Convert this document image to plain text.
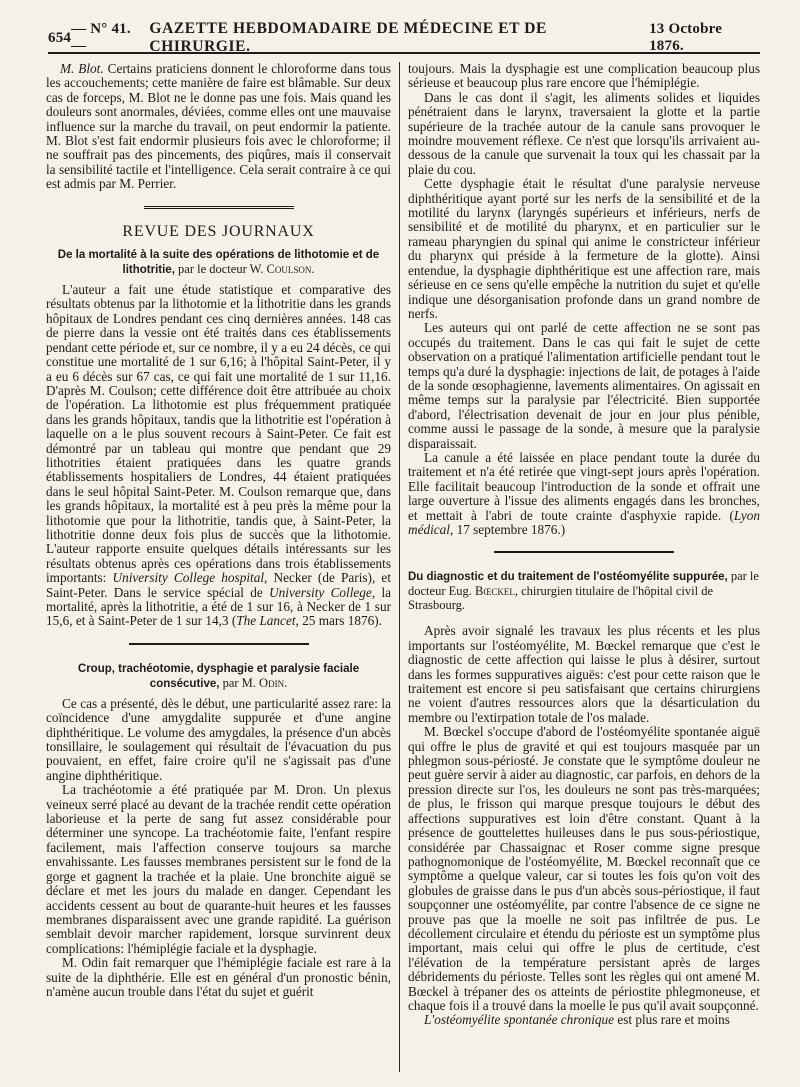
654
— N° 41. —
GAZETTE HEBDOMADAIRE DE MÉDECINE ET DE CHIRURGIE.
13 Octobre 1876.

M. Blot. Certains praticiens donnent le chloroforme dans tous les accouchements; cette manière de faire est blâmable. Sur deux cas de forceps, M. Blot ne le donne pas une fois. Mais quand les douleurs sont anormales, déviées, comme elles ont une mauvaise influence sur la marche du travail, on peut endormir la patiente. M. Blot s'est fait endormir plusieurs fois avec le chloroforme; il ne souffrait pas des pincements, des piqûres, mais il conservait la sensibilité tactile et l'intelligence. Cela serait contraire à ce qui est admis par M. Perrier.

REVUE DES JOURNAUX
De la mortalité à la suite des opérations de lithotomie et de lithotritie, par le docteur W. Coulson.

L'auteur a fait une étude statistique et comparative des résultats obtenus par la lithotomie et la lithotritie dans les grands hôpitaux de Londres pendant ces cinq dernières années. 148 cas de pierre dans la vessie ont été traités dans ces établissements pendant cette période et, sur ce nombre, il y a eu 24 décès, ce qui constitue une mortalité de 1 sur 6,16; à l'hôpital Saint-Peter, il y a eu 6 décès sur 67 cas, ce qui fait une mortalité de 1 sur 11,16. D'après M. Coulson; cette différence doit être attribuée au choix de l'opération. La lithotomie est plus fréquemment pratiquée dans les grands hôpitaux, tandis que la lithotritie est l'opération à laquelle on a le plus souvent recours à Saint-Peter. Ce fait est démontré par un tableau qui montre que pendant que 29 lithotrities étaient pratiquées dans les quatre grands établissements hospitaliers de Londres, 44 étaient pratiquées dans le seul hôpital Saint-Peter. M. Coulson remarque que, dans les grands hôpitaux, la mortalité est à peu près la même pour la lithotomie que pour la lithotritie, tandis que, à Saint-Peter, la lithotritie donne deux fois plus de succès que la lithotomie. L'auteur rapporte ensuite quelques détails intéressants sur les résultats obtenus après ces opérations dans trois établissements importants: University College hospital, Necker (de Paris), et Saint-Peter. Dans le service spécial de University College, la mortalité, après la lithotritie, a été de 1 sur 16, à Necker de 1 sur 15,6, et à Saint-Peter de 1 sur 14,3 (The Lancet, 25 mars 1876).

Croup, trachéotomie, dysphagie et paralysie faciale consécutive, par M. Odin.

Ce cas a présenté, dès le début, une particularité assez rare: la coïncidence d'une amygdalite suppurée et d'une angine diphthéritique. Le volume des amygdales, la présence d'un abcès tonsillaire, le soulagement qui résultait de l'évacuation du pus pouvaient, en effet, faire croire qu'il ne s'agissait pas d'une angine diphthéritique.

La trachéotomie a été pratiquée par M. Dron. Un plexus veineux serré placé au devant de la trachée rendit cette opération laborieuse et la perte de sang fut assez considérable pour déterminer une syncope. La trachéotomie faite, l'enfant respire facilement, mais l'affection conserve toujours sa marche envahissante. Les fausses membranes persistent sur le fond de la gorge et gagnent la trachée et la plaie. Une bronchite aiguë se déclare et met les jours du malade en danger. Cependant les accidents cessent au bout de quarante-huit heures et les fausses membranes disparaissent avec une grande rapidité. La guérison semblait devoir marcher rapidement, lorsque survinrent deux complications: l'hémiplégie faciale et la dysphagie.

M. Odin fait remarquer que l'hémiplégie faciale est rare à la suite de la diphthérie. Elle est en général d'un pronostic bénin, n'amène aucun trouble dans l'état du sujet et guérit

toujours. Mais la dysphagie est une complication beaucoup plus sérieuse et beaucoup plus rare encore que l'hémiplégie.

Dans le cas dont il s'agit, les aliments solides et liquides pénétraient dans le larynx, traversaient la glotte et la partie supérieure de la trachée autour de la canule sans provoquer le moindre mouvement réflexe. Ce n'est que lorsqu'ils arrivaient au-dessous de la canule que survenait la toux qui les chassait par la plaie du cou.

Cette dysphagie était le résultat d'une paralysie nerveuse diphthéritique ayant porté sur les nerfs de la sensibilité et de la motilité du larynx (laryngés supérieurs et inférieurs, nerfs de sensibilité et de motilité du pharynx, et en particulier sur le rameau pharyngien du spinal qui anime le constricteur inférieur du pharynx qui préside à la fermeture de la glotte). Ainsi entendue, la dysphagie diphthéritique est une affection rare, mais sérieuse en ce sens qu'elle empêche la nutrition du sujet et qu'elle indique une désorganisation profonde dans un grand nombre de nerfs.

Les auteurs qui ont parlé de cette affection ne se sont pas occupés du traitement. Dans le cas qui fait le sujet de cette observation on a pratiqué l'alimentation artificielle pendant tout le temps qu'a duré la dysphagie: injections de lait, de potages à l'aide de la sonde œsophagienne, lavements alimentaires. On agissait en même temps sur la paralysie par l'électricité. Bien supportée d'abord, l'électrisation devenait de jour en jour plus pénible, comme aussi le passage de la sonde, à mesure que la paralysie disparaissait.

La canule a été laissée en place pendant toute la durée du traitement et n'a été retirée que vingt-sept jours après l'opération. Elle facilitait beaucoup l'introduction de la sonde et offrait une large ouverture à l'issue des aliments engagés dans les bronches, et mettait à l'abri de toute crainte d'asphyxie rapide. (Lyon médical, 17 septembre 1876.)

Du diagnostic et du traitement de l'ostéomyélite suppurée, par le docteur Eug. Bœckel, chirurgien titulaire de l'hôpital civil de Strasbourg.

Après avoir signalé les travaux les plus récents et les plus importants sur l'ostéomyélite, M. Bœckel remarque que c'est le diagnostic de cette affection qui laisse le plus à désirer, surtout dans les formes suppuratives aiguës: c'est pour cette raison que le traitement est encore si peu satisfaisant que certains chirurgiens ne voient d'autres ressources alors que la désarticulation du membre ou l'extirpation totale de l'os malade.

M. Bœckel s'occupe d'abord de l'ostéomyélite spontanée aiguë qui offre le plus de gravité et qui est toujours masquée par un phlegmon sous-périosté. Je constate que le symptôme douleur ne peut guère servir à aider au diagnostic, car parfois, en dehors de la pression directe sur l'os, les douleurs ne sont pas très-marquées; de plus, le frisson qui marque presque toujours le début des affections suppuratives est loin d'être constant. Quant à la présence de gouttelettes huileuses dans le pus sous-périostique, considérée par Chassaignac et Roser comme signe presque pathognomonique de l'ostéomyélite, M. Bœckel reconnaît que ce symptôme a quelque valeur, car si toutes les fois qu'on voit des globules de graisse dans le pus d'un abcès sous-périostique, il faut soupçonner une ostéomyélite, par contre l'absence de ce signe ne prouve pas que la moelle ne soit pas infiltrée de pus. Le décollement circulaire et étendu du périoste est un symptôme plus important, mais celui qui offre le plus de certitude, c'est l'élévation de la température persistant après de larges débridements du périoste. Telles sont les règles qui ont amené M. Bœckel à trépaner des os atteints de périostite phlegmoneuse, et chaque fois il a trouvé dans la moelle le pus qu'il avait soupçonné.

L'ostéomyélite spontanée chronique est plus rare et moins
